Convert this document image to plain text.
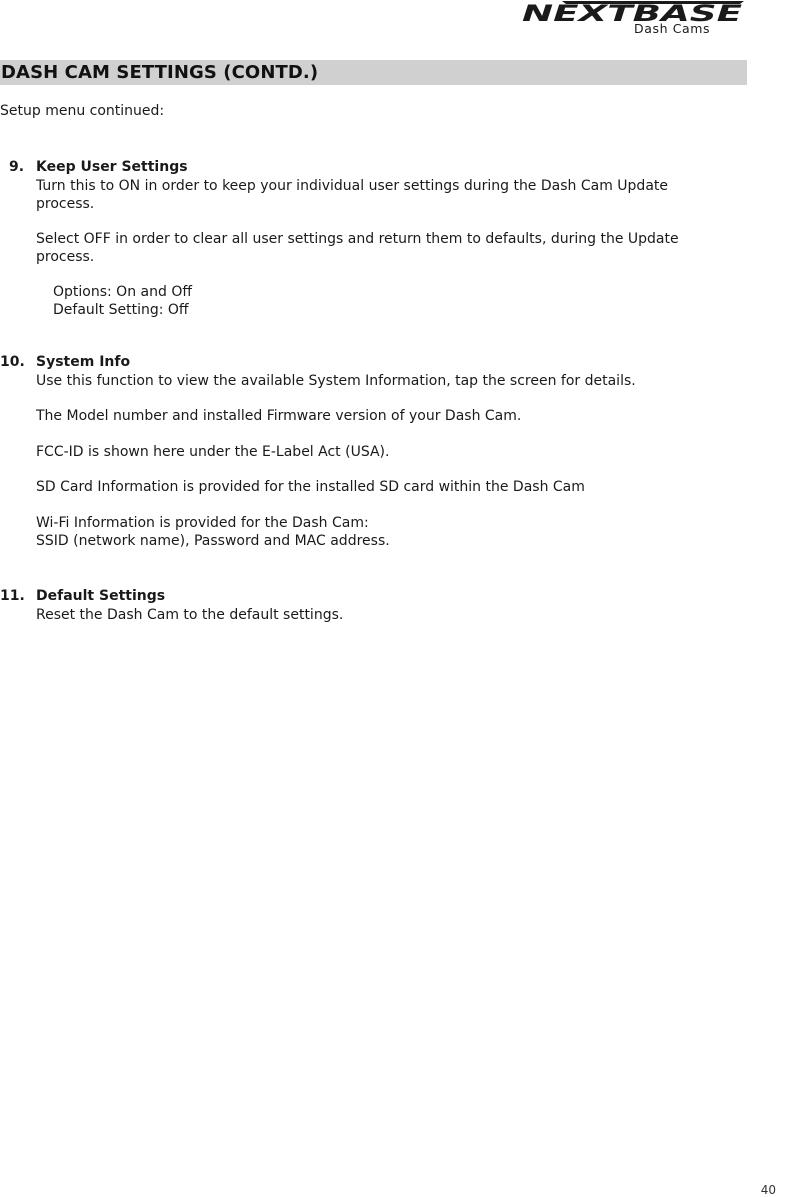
NEXTBASE
Dash Cams
DASH CAM SETTINGS (CONTD.)
Setup menu continued:
9. Keep User Settings
Turn this to ON in order to keep your individual user settings during the Dash Cam Update
process.
Select OFF in order to clear all user settings and return them to defaults, during the Update
process.
Options: On and Off
Default Setting: Off
10. System Info
Use this function to view the available System Information, tap the screen for details.
The Model number and installed Firmware version of your Dash Cam.
FCC-ID is shown here under the E-Label Act (USA).
SD Card Information is provided for the installed SD card within the Dash Cam
Wi-Fi Information is provided for the Dash Cam:
SSID (network name), Password and MAC address.
11. Default Settings
Reset the Dash Cam to the default settings.
40
